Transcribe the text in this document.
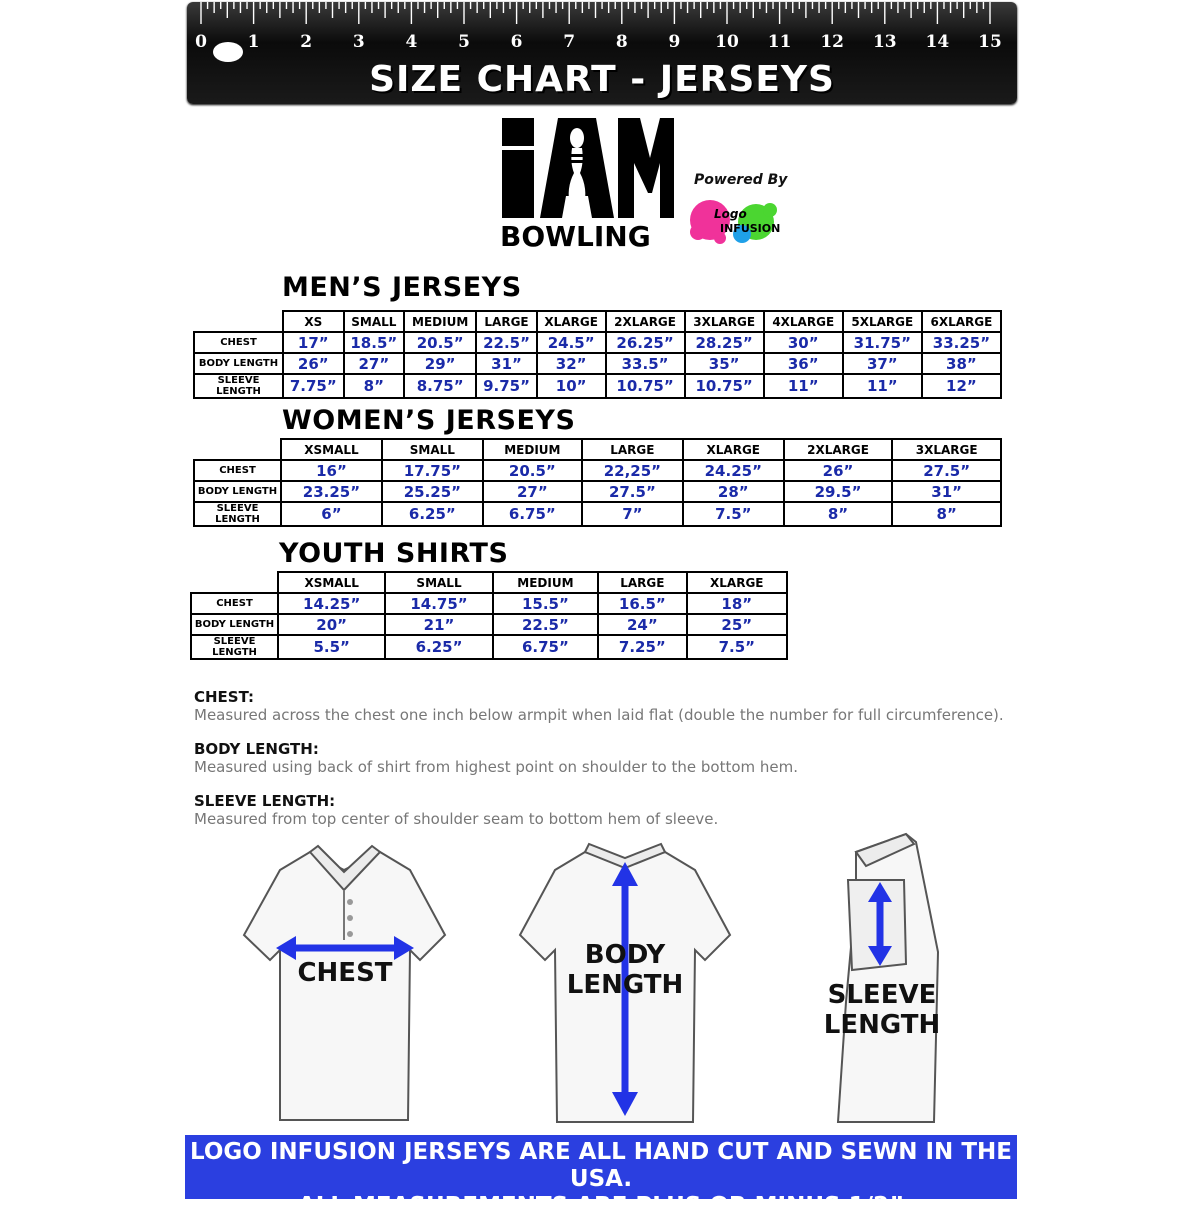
0	1	2	3	4	5	6	7	8	9	10 11 12 13 14 15
SIZE CHART - JERSEYS
BOWLING
Powered By
Logo
INFUSION
MEN’S JERSEYS
	XS	SMALL	MEDIUM	LARGE	XLARGE	2XLARGE	3XLARGE	4XLARGE	5XLARGE	6XLARGE
CHEST	17”	18.5”	20.5”	22.5”	24.5”	26.25”	28.25”	30”	31.75”	33.25”
BODY LENGTH	26”	27”	29”	31”	32”	33.5”	35”	36”	37”	38”
SLEEVE LENGTH	7.75”	8”	8.75”	9.75”	10”	10.75”	10.75”	11”	11”	12”
WOMEN’S JERSEYS
	XSMALL	SMALL	MEDIUM	LARGE	XLARGE	2XLARGE	3XLARGE
CHEST	16”	17.75”	20.5”	22,25”	24.25”	26”	27.5”
BODY LENGTH	23.25”	25.25”	27”	27.5”	28”	29.5”	31”
SLEEVE LENGTH	6”	6.25”	6.75”	7”	7.5”	8”	8”
YOUTH SHIRTS
	XSMALL	SMALL	MEDIUM	LARGE	XLARGE
CHEST	14.25”	14.75”	15.5”	16.5”	18”
BODY LENGTH	20”	21”	22.5”	24”	25”
SLEEVE LENGTH	5.5”	6.25”	6.75”	7.25”	7.5”
CHEST:
Measured across the chest one inch below armpit when laid flat (double the number for full circumference).
BODY LENGTH:
Measured using back of shirt from highest point on shoulder to the bottom hem.
SLEEVE LENGTH:
Measured from top center of shoulder seam to bottom hem of sleeve.
CHEST
BODY
LENGTH	SLEEVE
LENGTH
LOGO INFUSION JERSEYS ARE ALL HAND CUT AND SEWN IN THE USA.
ALL MEASUREMENTS ARE PLUS OR MINUS 1/2”
